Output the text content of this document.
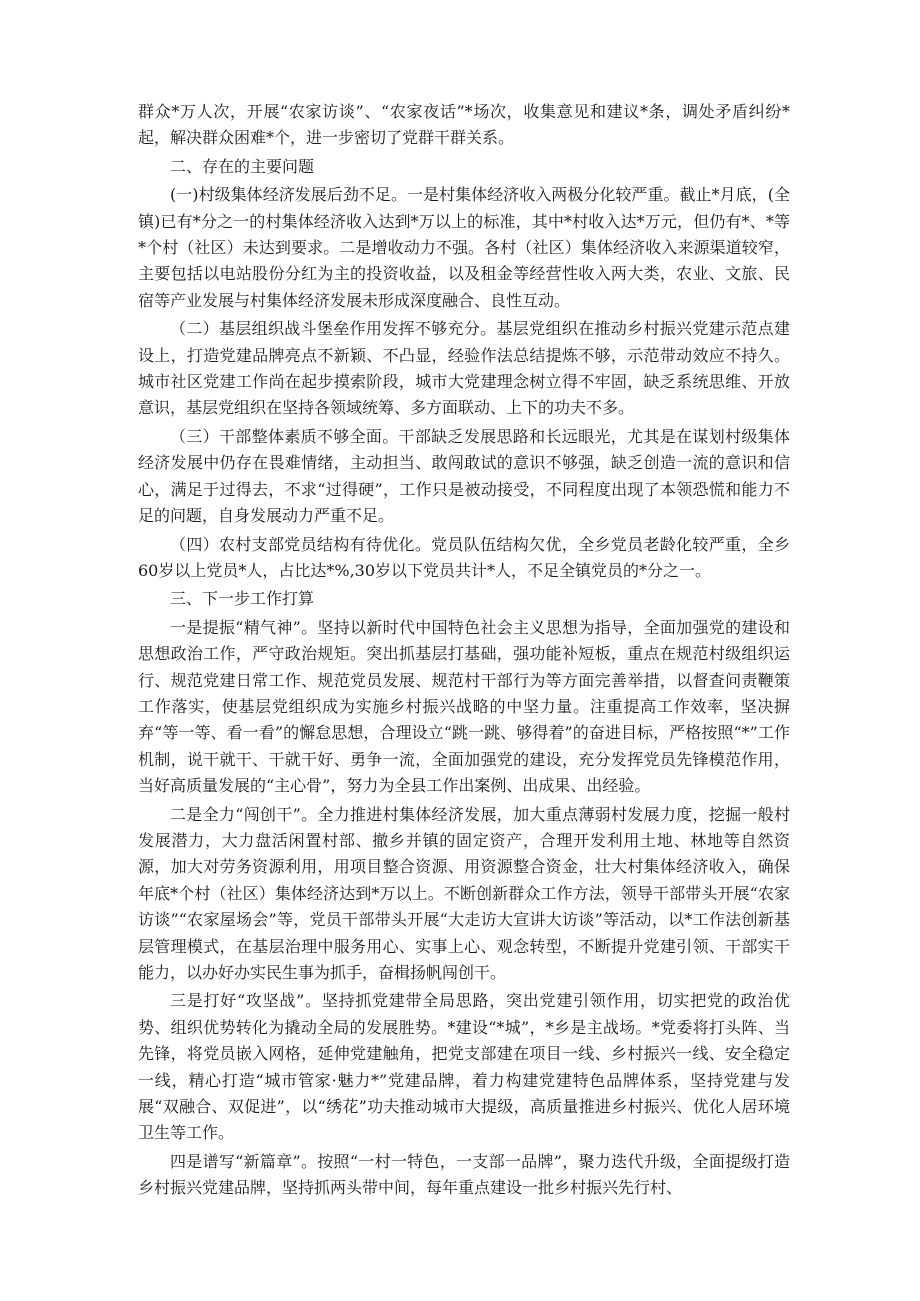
群众*万人次，开展“农家访谈”、“农家夜话”*场次，收集意见和建议*条，调处矛盾纠纷*起，解决群众困难*个，进一步密切了党群干群关系。

二、存在的主要问题

(一)村级集体经济发展后劲不足。一是村集体经济收入两极分化较严重。截止*月底，(全镇)已有*分之一的村集体经济收入达到*万以上的标准，其中*村收入达*万元，但仍有*、*等*个村（社区）未达到要求。二是增收动力不强。各村（社区）集体经济收入来源渠道较窄，主要包括以电站股份分红为主的投资收益，以及租金等经营性收入两大类，农业、文旅、民宿等产业发展与村集体经济发展未形成深度融合、良性互动。

（二）基层组织战斗堡垒作用发挥不够充分。基层党组织在推动乡村振兴党建示范点建设上，打造党建品牌亮点不新颖、不凸显，经验作法总结提炼不够，示范带动效应不持久。城市社区党建工作尚在起步摸索阶段，城市大党建理念树立得不牢固，缺乏系统思维、开放意识，基层党组织在坚持各领域统筹、多方面联动、上下的功夫不多。

（三）干部整体素质不够全面。干部缺乏发展思路和长远眼光，尤其是在谋划村级集体经济发展中仍存在畏难情绪，主动担当、敢闯敢试的意识不够强，缺乏创造一流的意识和信心，满足于过得去，不求“过得硬”，工作只是被动接受，不同程度出现了本领恐慌和能力不足的问题，自身发展动力严重不足。

（四）农村支部党员结构有待优化。党员队伍结构欠优，全乡党员老龄化较严重，全乡60岁以上党员*人，占比达*%,30岁以下党员共计*人，不足全镇党员的*分之一。

三、下一步工作打算

一是提振“精气神”。坚持以新时代中国特色社会主义思想为指导，全面加强党的建设和思想政治工作，严守政治规矩。突出抓基层打基础，强功能补短板，重点在规范村级组织运行、规范党建日常工作、规范党员发展、规范村干部行为等方面完善举措，以督查问责鞭策工作落实，使基层党组织成为实施乡村振兴战略的中坚力量。注重提高工作效率，坚决摒弃“等一等、看一看”的懈怠思想，合理设立“跳一跳、够得着”的奋进目标，严格按照“*”工作机制，说干就干、干就干好、勇争一流，全面加强党的建设，充分发挥党员先锋模范作用，当好高质量发展的“主心骨”，努力为全县工作出案例、出成果、出经验。

二是全力“闯创干”。全力推进村集体经济发展，加大重点薄弱村发展力度，挖掘一般村发展潜力，大力盘活闲置村部、撤乡并镇的固定资产，合理开发利用土地、林地等自然资源，加大对劳务资源利用，用项目整合资源、用资源整合资金，壮大村集体经济收入，确保年底*个村（社区）集体经济达到*万以上。不断创新群众工作方法，领导干部带头开展“农家访谈”“农家屋场会”等，党员干部带头开展“大走访大宣讲大访谈”等活动，以*工作法创新基层管理模式，在基层治理中服务用心、实事上心、观念转型，不断提升党建引领、干部实干能力，以办好办实民生事为抓手，奋楫扬帆闯创干。

三是打好“攻坚战”。坚持抓党建带全局思路，突出党建引领作用，切实把党的政治优势、组织优势转化为撬动全局的发展胜势。*建设“*城”，*乡是主战场。*党委将打头阵、当先锋，将党员嵌入网格，延伸党建触角，把党支部建在项目一线、乡村振兴一线、安全稳定一线，精心打造“城市管家·魅力*”党建品牌，着力构建党建特色品牌体系，坚持党建与发展“双融合、双促进”，以“绣花”功夫推动城市大提级，高质量推进乡村振兴、优化人居环境卫生等工作。

四是谱写“新篇章”。按照“一村一特色，一支部一品牌”，聚力迭代升级，全面提级打造乡村振兴党建品牌，坚持抓两头带中间，每年重点建设一批乡村振兴先行村、
